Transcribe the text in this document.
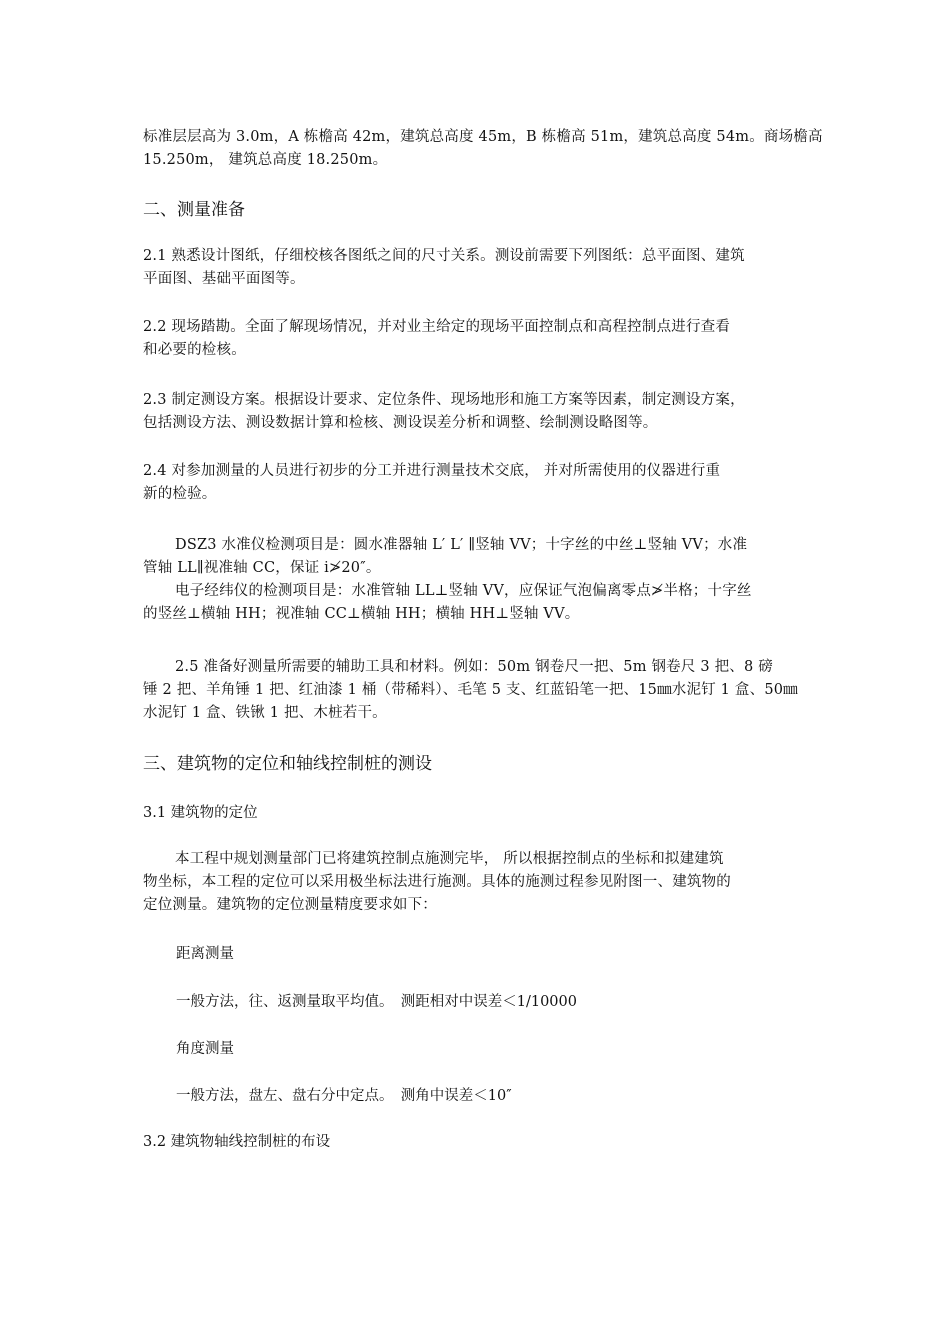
标准层层高为 3.0m，A 栋檐高 42m，建筑总高度 45m，B 栋檐高 51m，建筑总高度 54m。商场檐高
15.250m， 建筑总高度 18.250m。

二、测量准备

2.1 熟悉设计图纸，仔细校核各图纸之间的尺寸关系。测设前需要下列图纸：总平面图、建筑
平面图、基础平面图等。

2.2 现场踏勘。全面了解现场情况，并对业主给定的现场平面控制点和高程控制点进行查看
和必要的检核。

2.3 制定测设方案。根据设计要求、定位条件、现场地形和施工方案等因素，制定测设方案，
包括测设方法、测设数据计算和检核、测设误差分析和调整、绘制测设略图等。

2.4 对参加测量的人员进行初步的分工并进行测量技术交底， 并对所需使用的仪器进行重
新的检验。

DSZ3 水准仪检测项目是：圆水准器轴 L′ L′ ∥竖轴 VV；十字丝的中丝⊥竖轴 VV；水准
管轴 LL∥视准轴 CC，保证 i≯20″。
电子经纬仪的检测项目是：水准管轴 LL⊥竖轴 VV，应保证气泡偏离零点≯半格；十字丝
的竖丝⊥横轴 HH；视准轴 CC⊥横轴 HH；横轴 HH⊥竖轴 VV。

2.5 准备好测量所需要的辅助工具和材料。例如：50m 钢卷尺一把、5m 钢卷尺 3 把、8 磅
锤 2 把、羊角锤 1 把、红油漆 1 桶（带稀料）、毛笔 5 支、红蓝铅笔一把、15㎜水泥钉 1 盒、50㎜
水泥钉 1 盒、铁锹 1 把、木桩若干。

三、建筑物的定位和轴线控制桩的测设

3.1 建筑物的定位

本工程中规划测量部门已将建筑控制点施测完毕， 所以根据控制点的坐标和拟建建筑
物坐标，本工程的定位可以采用极坐标法进行施测。具体的施测过程参见附图一、建筑物的
定位测量。建筑物的定位测量精度要求如下：

距离测量

一般方法，往、返测量取平均值。　测距相对中误差＜1/10000

角度测量

一般方法，盘左、盘右分中定点。　测角中误差＜10″

3.2 建筑物轴线控制桩的布设
